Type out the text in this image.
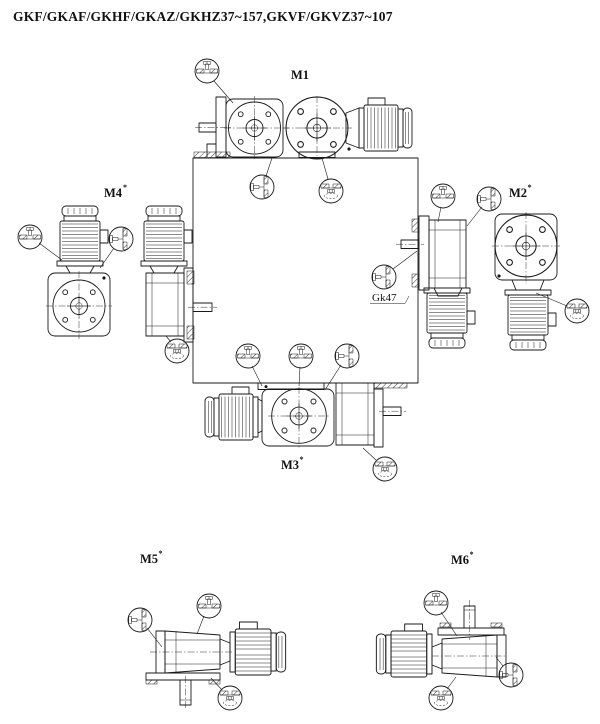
GKF/GKAF/GKHF/GKAZ/GKHZ37~157,GKVF/GKVZ37~107
M1
M4 *	M2 *
Gk47
M3 *
M5 *	M6 *
